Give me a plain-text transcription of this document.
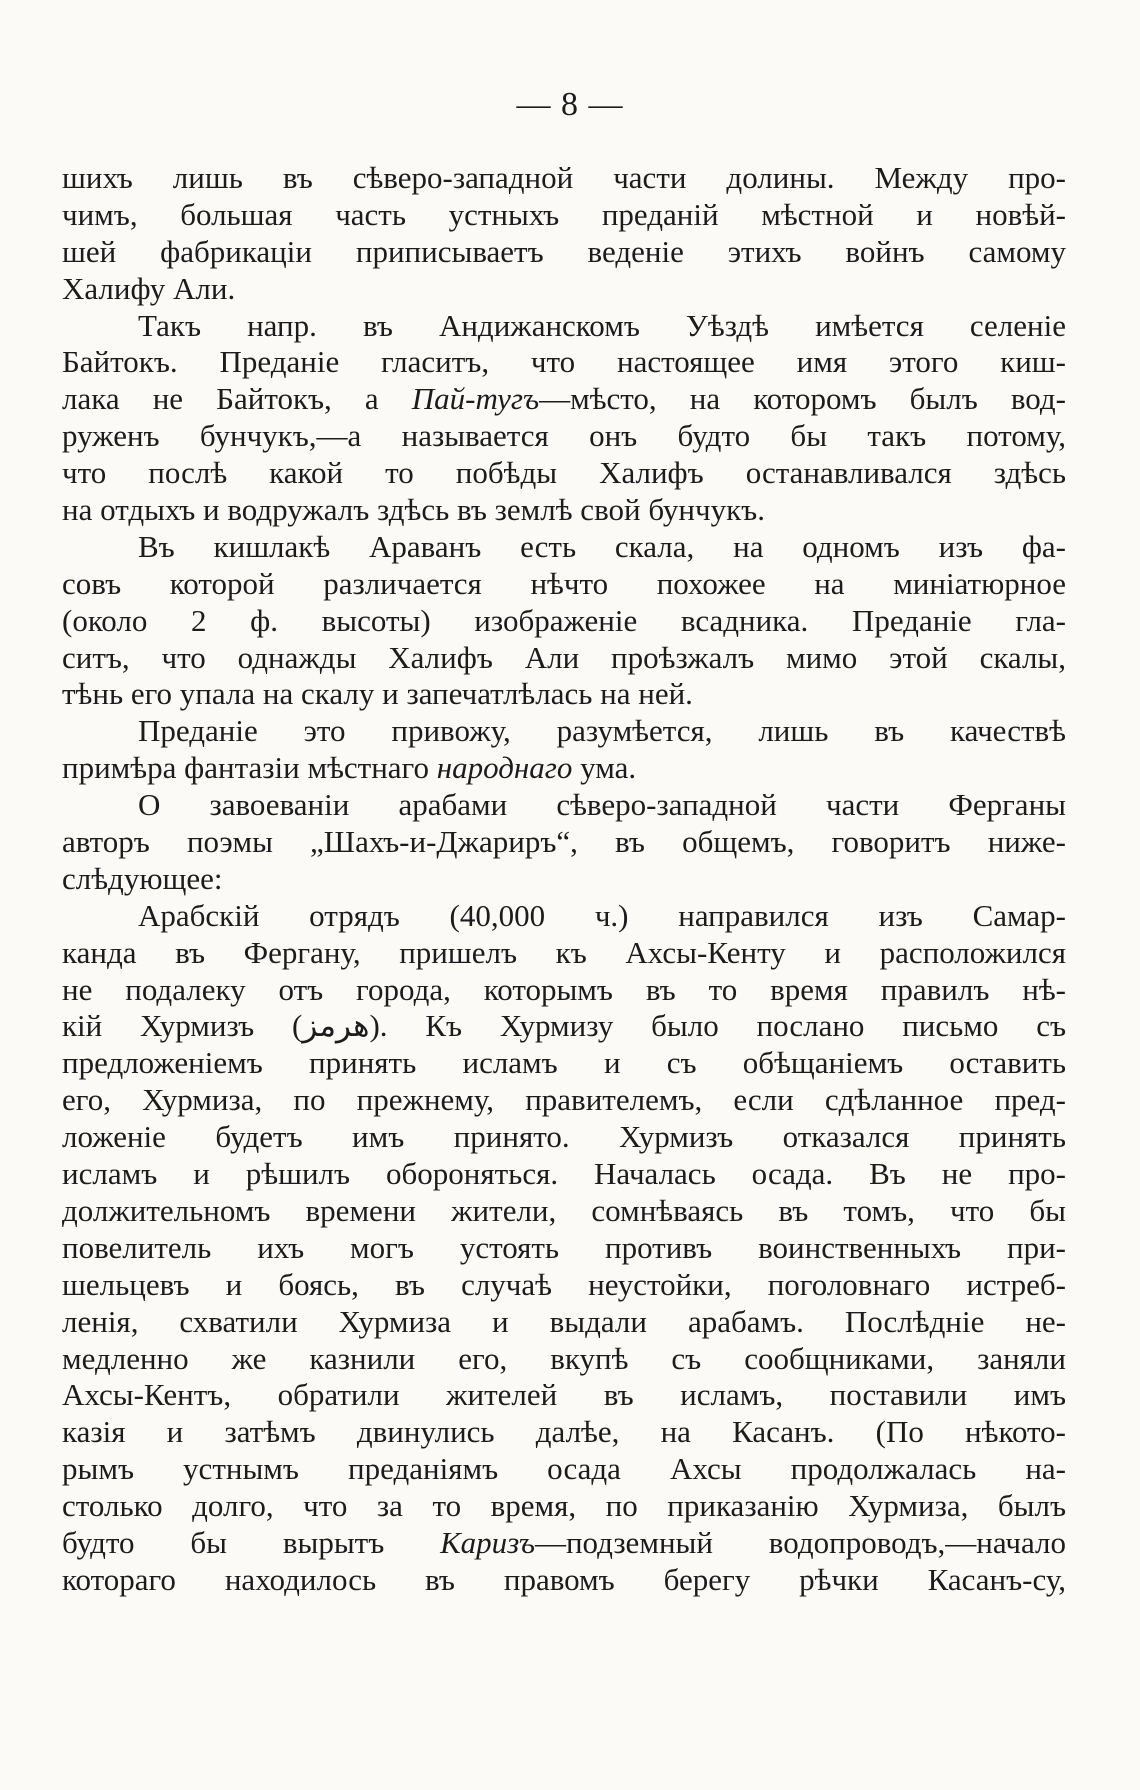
— 8 —
шихъ лишь въ сѣверо-западной части долины. Между про-
чимъ, большая часть устныхъ преданій мѣстной и новѣй-
шей фабрикаціи приписываетъ веденіе этихъ войнъ самому
Халифу Али.
Такъ напр. въ Андижанскомъ Уѣздѣ имѣется селеніе
Байтокъ. Преданіе гласитъ, что настоящее имя этого киш-
лака не Байтокъ, а Пай-тугъ—мѣсто, на которомъ былъ вод-
руженъ бунчукъ,—а называется онъ будто бы такъ потому,
что послѣ какой то побѣды Халифъ останавливался здѣсь
на отдыхъ и водружалъ здѣсь въ землѣ свой бунчукъ.
Въ кишлакѣ Араванъ есть скала, на одномъ изъ фа-
совъ которой различается нѣчто похожее на миніатюрное
(около 2 ф. высоты) изображеніе всадника. Преданіе гла-
ситъ, что однажды Халифъ Али проѣзжалъ мимо этой скалы,
тѣнь его упала на скалу и запечатлѣлась на ней.
Преданіе это привожу, разумѣется, лишь въ качествѣ
примѣра фантазіи мѣстнаго народнаго ума.
О завоеваніи арабами сѣверо-западной части Ферганы
авторъ поэмы „Шахъ-и-Джариръ“, въ общемъ, говоритъ ниже-
слѣдующее:
Арабскій отрядъ (40,000 ч.) направился изъ Самар-
канда въ Фергану, пришелъ къ Ахсы-Кенту и расположился
не подалеку отъ города, которымъ въ то время правилъ нѣ-
кій Хурмизъ (هرمز). Къ Хурмизу было послано письмо съ
предложеніемъ принять исламъ и съ обѣщаніемъ оставить
его, Хурмиза, по прежнему, правителемъ, если сдѣланное пред-
ложеніе будетъ имъ принято. Хурмизъ отказался принять
исламъ и рѣшилъ обороняться. Началась осада. Въ не про-
должительномъ времени жители, сомнѣваясь въ томъ, что бы
повелитель ихъ могъ устоять противъ воинственныхъ при-
шельцевъ и боясь, въ случаѣ неустойки, поголовнаго истреб-
ленія, схватили Хурмиза и выдали арабамъ. Послѣдніе не-
медленно же казнили его, вкупѣ съ сообщниками, заняли
Ахсы-Кентъ, обратили жителей въ исламъ, поставили имъ
казія и затѣмъ двинулись далѣе, на Касанъ. (По нѣкото-
рымъ устнымъ преданіямъ осада Ахсы продолжалась на-
столько долго, что за то время, по приказанію Хурмиза, былъ
будто бы вырытъ Каризъ—подземный водопроводъ,—начало
котораго находилось въ правомъ берегу рѣчки Касанъ-су,
